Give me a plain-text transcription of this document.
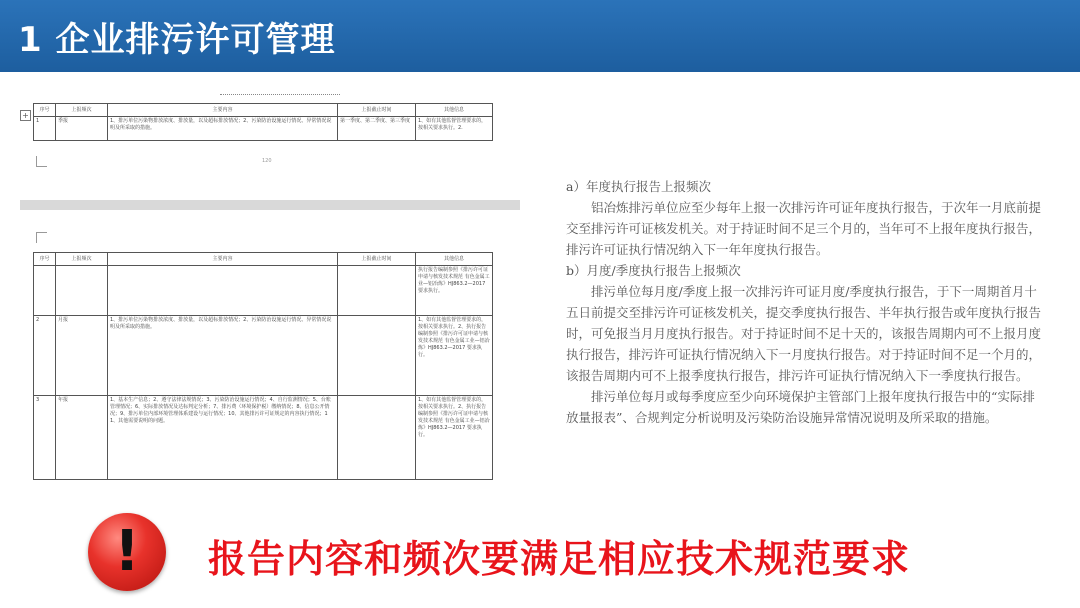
1 企业排污许可管理
+
120
序号	上报频次	主要内容	上报截止时间	其他信息
1	季报	1、排污单位污染物排放浓度、排放量，以及超标排放情况；2、污染防治设施运行情况、异常情况说明及所采取的措施。	第一季度、第二季度、第三季度	1、如有其他监督管理要求的，按相关要求执行。2.
序号	上报频次	主要内容	上报截止时间	其他信息
				执行报告编制参照《排污许可证申请与核发技术规范 有色金属工业—铝冶炼》HJ863.2—2017 要求执行。
2	月报	1、排污单位污染物排放浓度、排放量，以及超标排放情况；2、污染防治设施运行情况、异常情况说明及所采取的措施。		1、如有其他监督管理要求的，按相关要求执行。2、执行报告编制参照《排污许可证申请与核发技术规范 有色金属工业—铝冶炼》HJ863.2—2017 要求执行。
3	年报	1、基本生产信息；2、遵守法律法规情况；3、污染防治设施运行情况；4、自行监测情况；5、台账管理情况；6、实际排放情况及达标判定分析；7、排污费（环境保护税）缴纳情况；8、信息公开情况；9、排污单位内部环境管理体系建设与运行情况；10、其他排污许可证规定的内容执行情况；11、其他需要说明的问题。		1、如有其他监督管理要求的，按相关要求执行。2、执行报告编制参照《排污许可证申请与核发技术规范 有色金属工业—铝冶炼》HJ863.2—2017 要求执行。

a）年度执行报告上报频次

铝冶炼排污单位应至少每年上报一次排污许可证年度执行报告，于次年一月底前提交至排污许可证核发机关。对于持证时间不足三个月的，当年可不上报年度执行报告，排污许可证执行情况纳入下一年年度执行报告。

b）月度/季度执行报告上报频次

排污单位每月度/季度上报一次排污许可证月度/季度执行报告，于下一周期首月十五日前提交至排污许可证核发机关，提交季度执行报告、半年执行报告或年度执行报告时，可免报当月月度执行报告。对于持证时间不足十天的，该报告周期内可不上报月度执行报告，排污许可证执行情况纳入下一月度执行报告。对于持证时间不足一个月的，该报告周期内可不上报季度执行报告，排污许可证执行情况纳入下一季度执行报告。

排污单位每月或每季度应至少向环境保护主管部门上报年度执行报告中的“实际排放量报表”、合规判定分析说明及污染防治设施异常情况说明及所采取的措施。

!	报告内容和频次要满足相应技术规范要求
